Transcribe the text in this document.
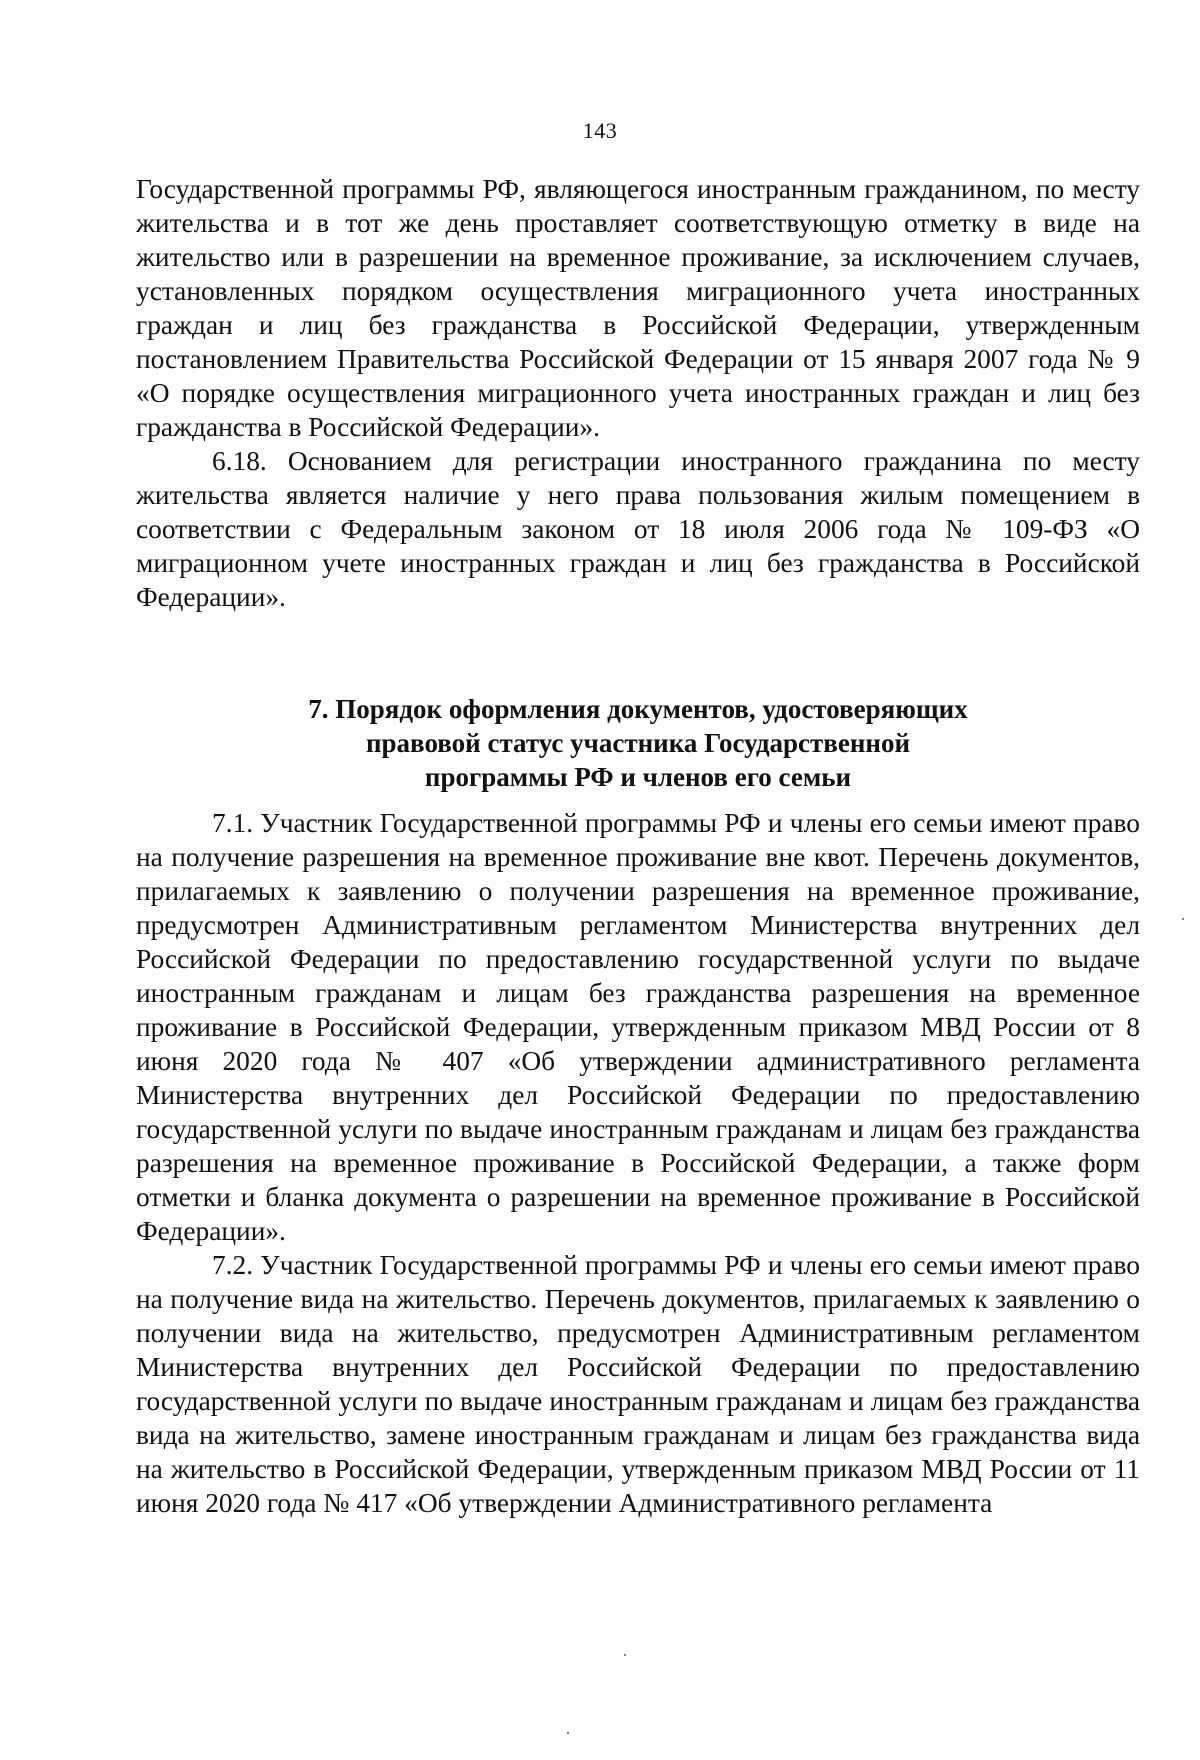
143

Государственной программы РФ, являющегося иностранным гражданином, по месту жительства и в тот же день проставляет соответствующую отметку в виде на жительство или в разрешении на временное проживание, за исключением случаев, установленных порядком осуществления миграционного учета иностранных граждан и лиц без гражданства в Российской Федерации, утвержденным постановлением Правительства Российской Федерации от 15 января 2007 года № 9 «О порядке осуществления миграционного учета иностранных граждан и лиц без гражданства в Российской Федерации».

6.18. Основанием для регистрации иностранного гражданина по месту жительства является наличие у него права пользования жилым помещением в соответствии с Федеральным законом от 18 июля 2006 года № 109-ФЗ «О миграционном учете иностранных граждан и лиц без гражданства в Российской Федерации».

7. Порядок оформления документов, удостоверяющих
правовой статус участника Государственной
программы РФ и членов его семьи

7.1. Участник Государственной программы РФ и члены его семьи имеют право на получение разрешения на временное проживание вне квот. Перечень документов, прилагаемых к заявлению о получении разрешения на временное проживание, предусмотрен Административным регламентом Министерства внутренних дел Российской Федерации по предоставлению государственной услуги по выдаче иностранным гражданам и лицам без гражданства разрешения на временное проживание в Российской Федерации, утвержденным приказом МВД России от 8 июня 2020 года № 407 «Об утверждении административного регламента Министерства внутренних дел Российской Федерации по предоставлению государственной услуги по выдаче иностранным гражданам и лицам без гражданства разрешения на временное проживание в Российской Федерации, а также форм отметки и бланка документа о разрешении на временное проживание в Российской Федерации».

7.2. Участник Государственной программы РФ и члены его семьи имеют право на получение вида на жительство. Перечень документов, прилагаемых к заявлению о получении вида на жительство, предусмотрен Административным регламентом Министерства внутренних дел Российской Федерации по предоставлению государственной услуги по выдаче иностранным гражданам и лицам без гражданства вида на жительство, замене иностранным гражданам и лицам без гражданства вида на жительство в Российской Федерации, утвержденным приказом МВД России от 11 июня 2020 года № 417 «Об утверждении Административного регламента
